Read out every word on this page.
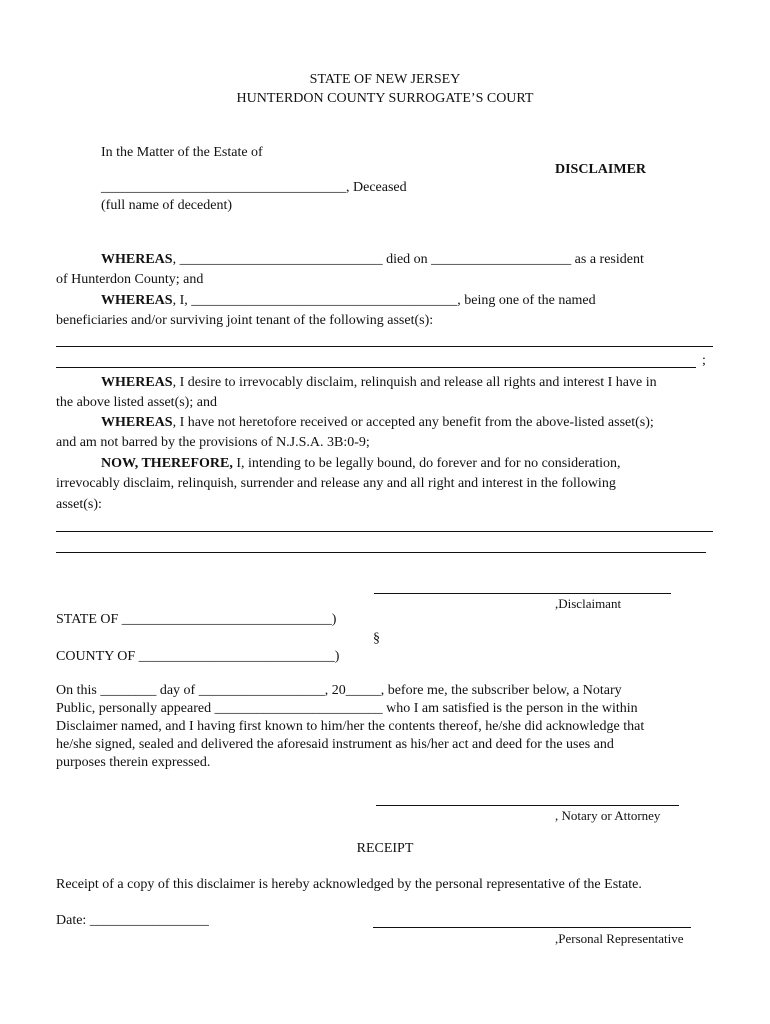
STATE OF NEW JERSEY
HUNTERDON COUNTY SURROGATE’S COURT
In the Matter of the Estate of
DISCLAIMER
___________________________________, Deceased
(full name of decedent)
WHEREAS, _____________________________ died on ____________________ as a resident
of Hunterdon County; and
WHEREAS, I, ______________________________________, being one of the named
beneficiaries and/or surviving joint tenant of the following asset(s):
;
WHEREAS, I desire to irrevocably disclaim, relinquish and release all rights and interest I have in
the above listed asset(s); and
WHEREAS, I have not heretofore received or accepted any benefit from the above-listed asset(s);
and am not barred by the provisions of N.J.S.A. 3B:0-9;
NOW, THEREFORE, I, intending to be legally bound, do forever and for no consideration,
irrevocably disclaim, relinquish, surrender and release any and all right and interest in the following
asset(s):
,Disclaimant
STATE OF ______________________________)
§
COUNTY OF ____________________________)
On this ________ day of __________________, 20_____, before me, the subscriber below, a Notary
Public, personally appeared ________________________ who I am satisfied is the person in the within
Disclaimer named, and I having first known to him/her the contents thereof, he/she did acknowledge that
he/she signed, sealed and delivered the aforesaid instrument as his/her act and deed for the uses and
purposes therein expressed.
, Notary or Attorney
RECEIPT
Receipt of a copy of this disclaimer is hereby acknowledged by the personal representative of the Estate.
Date: _________________
,Personal Representative
